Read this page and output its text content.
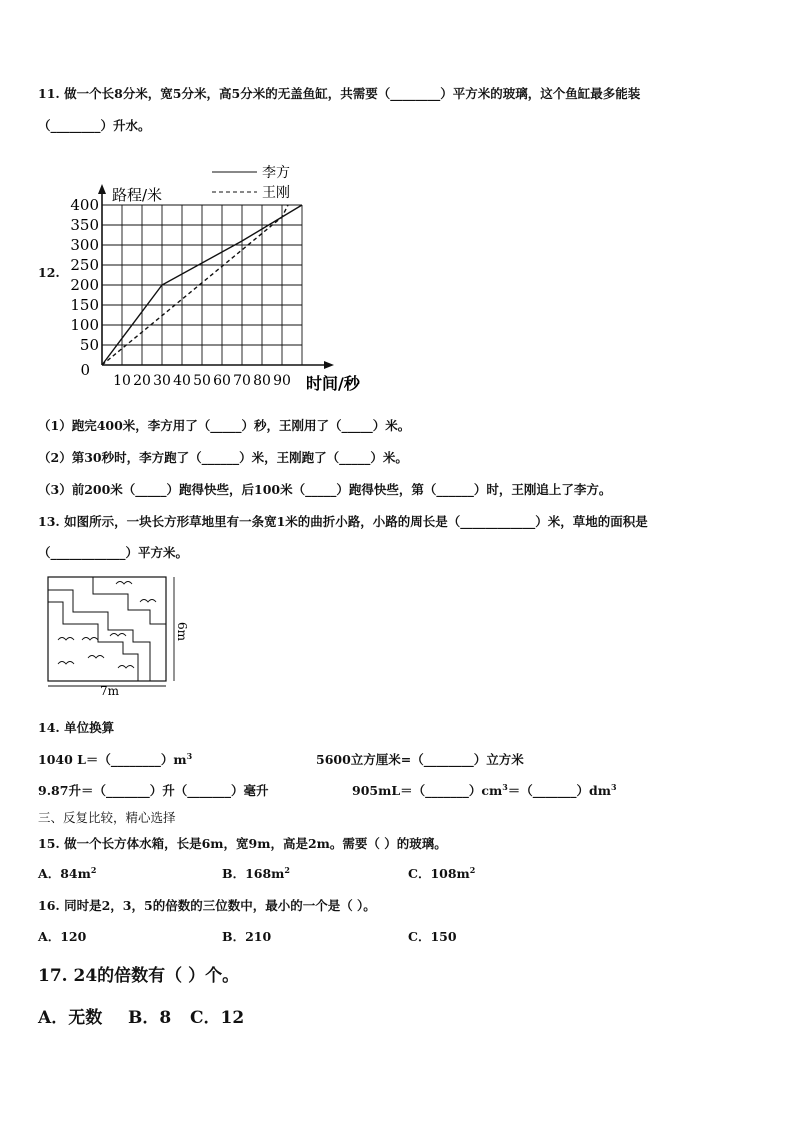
11. 做一个长8分米，宽5分米，高5分米的无盖鱼缸，共需要（________）平方米的玻璃，这个鱼缸最多能装
（________）升水。
12.
50
100
150
200
250
300
350
400
0
10 20 30 40 50 60 70 80 90 时间/秒
路程/米
李方
王刚
（1）跑完400米，李方用了（_____）秒，王刚用了（_____）米。
（2）第30秒时，李方跑了（______）米，王刚跑了（_____）米。
（3）前200米（_____）跑得快些，后100米（_____）跑得快些，第（______）时，王刚追上了李方。
13. 如图所示，一块长方形草地里有一条宽1米的曲折小路，小路的周长是（____________）米，草地的面积是
（____________）平方米。
7m
6m
14. 单位换算
1040 $L=(\_\_\_\_\_\_\_\_)m^3$	5600立方厘米=（________）立方米
9.87升＝（_______）升（_______）毫升	$905mL=(\_\_\_\_\_\_\_)cm^3=(\_\_\_\_\_\_\_)dm^3$
三、反复比较，精心选择
15. 做一个长方体水箱，长是6m，宽9m，高是2m。需要（ ）的玻璃。
A．$84m^2$	B．$168m^2$	C．$108m^2$
16. 同时是2，3，5的倍数的三位数中，最小的一个是（ ）。
A．120	B．210	C．150
17. 24的倍数有（ ）个。
A．无数 B．8 C．12
